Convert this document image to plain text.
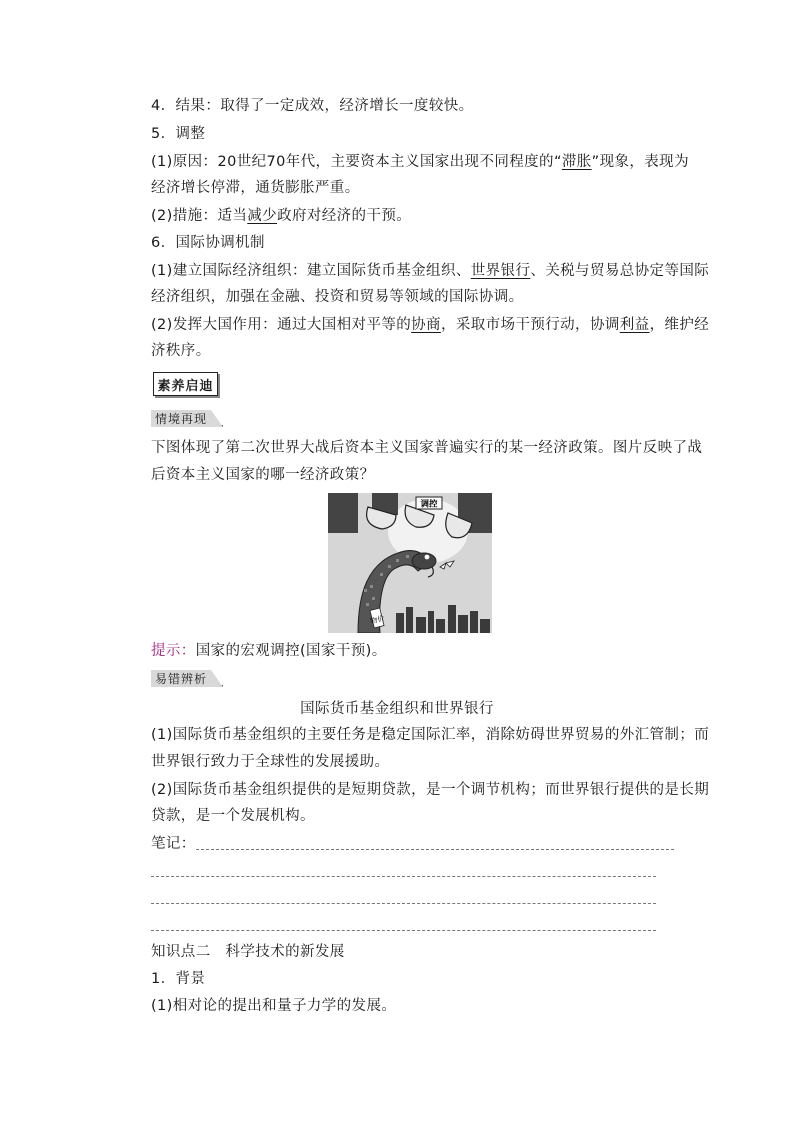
4．结果：取得了一定成效，经济增长一度较快。
5．调整
(1)原因：20世纪70年代，主要资本主义国家出现不同程度的“滞胀”现象，表现为
经济增长停滞，通货膨胀严重。
(2)措施：适当减少政府对经济的干预。
6．国际协调机制
(1)建立国际经济组织：建立国际货币基金组织、世界银行、关税与贸易总协定等国际
经济组织，加强在金融、投资和贸易等领域的国际协调。
(2)发挥大国作用：通过大国相对平等的协商，采取市场干预行动，协调利益，维护经
济秩序。
素养启迪
情境再现
下图体现了第二次世界大战后资本主义国家普遍实行的某一经济政策。图片反映了战
后资本主义国家的哪一经济政策？
调控
物价
提示：国家的宏观调控(国家干预)。
易错辨析
国际货币基金组织和世界银行
(1)国际货币基金组织的主要任务是稳定国际汇率，消除妨碍世界贸易的外汇管制；而
世界银行致力于全球性的发展援助。
(2)国际货币基金组织提供的是短期贷款，是一个调节机构；而世界银行提供的是长期
贷款，是一个发展机构。
笔记：
知识点二　科学技术的新发展
1．背景
(1)相对论的提出和量子力学的发展。
